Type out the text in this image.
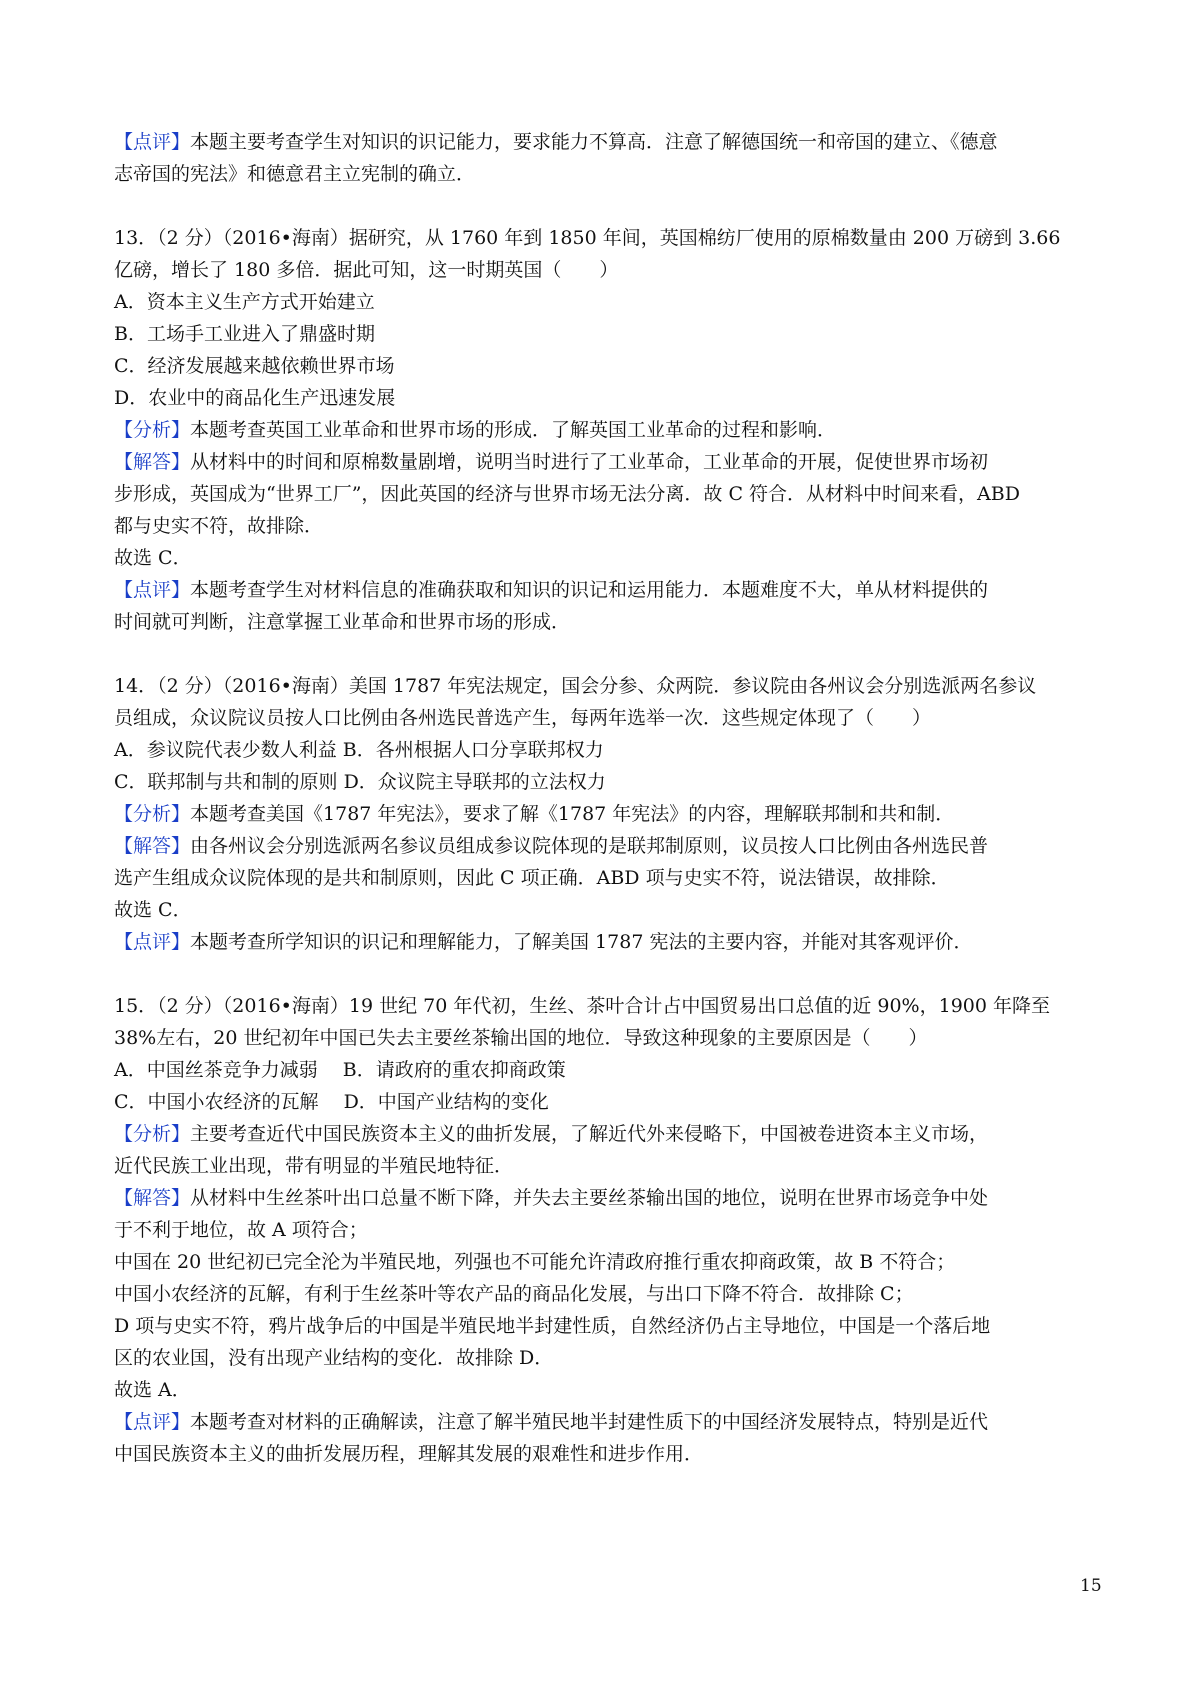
【点评】本题主要考查学生对知识的识记能力，要求能力不算高．注意了解德国统一和帝国的建立、《德意
志帝国的宪法》和德意君主立宪制的确立．
13．（2 分）（2016•海南）据研究，从 1760 年到 1850 年间，英国棉纺厂使用的原棉数量由 200 万磅到 3.66
亿磅，增长了 180 多倍．据此可知，这一时期英国（　　）
A．资本主义生产方式开始建立
B．工场手工业进入了鼎盛时期
C．经济发展越来越依赖世界市场
D．农业中的商品化生产迅速发展
【分析】本题考查英国工业革命和世界市场的形成．了解英国工业革命的过程和影响．
【解答】从材料中的时间和原棉数量剧增，说明当时进行了工业革命，工业革命的开展，促使世界市场初
步形成，英国成为“世界工厂”，因此英国的经济与世界市场无法分离．故 C 符合．从材料中时间来看，ABD
都与史实不符，故排除．
故选 C．
【点评】本题考查学生对材料信息的准确获取和知识的识记和运用能力．本题难度不大，单从材料提供的
时间就可判断，注意掌握工业革命和世界市场的形成．
14．（2 分）（2016•海南）美国 1787 年宪法规定，国会分参、众两院．参议院由各州议会分别选派两名参议
员组成，众议院议员按人口比例由各州选民普选产生，每两年选举一次．这些规定体现了（　　）
A．参议院代表少数人利益 B．各州根据人口分享联邦权力
C．联邦制与共和制的原则 D．众议院主导联邦的立法权力
【分析】本题考查美国《1787 年宪法》，要求了解《1787 年宪法》的内容，理解联邦制和共和制．
【解答】由各州议会分别选派两名参议员组成参议院体现的是联邦制原则，议员按人口比例由各州选民普
选产生组成众议院体现的是共和制原则，因此 C 项正确．ABD 项与史实不符，说法错误，故排除．
故选 C．
【点评】本题考查所学知识的识记和理解能力，了解美国 1787 宪法的主要内容，并能对其客观评价．
15．（2 分）（2016•海南）19 世纪 70 年代初，生丝、茶叶合计占中国贸易出口总值的近 90%，1900 年降至
38%左右，20 世纪初年中国已失去主要丝茶输出国的地位．导致这种现象的主要原因是（　　）
A．中国丝茶竞争力减弱　 B．请政府的重农抑商政策
C．中国小农经济的瓦解　 D．中国产业结构的变化
【分析】主要考查近代中国民族资本主义的曲折发展，了解近代外来侵略下，中国被卷进资本主义市场，
近代民族工业出现，带有明显的半殖民地特征．
【解答】从材料中生丝茶叶出口总量不断下降，并失去主要丝茶输出国的地位，说明在世界市场竞争中处
于不利于地位，故 A 项符合；
中国在 20 世纪初已完全沦为半殖民地，列强也不可能允许清政府推行重农抑商政策，故 B 不符合；
中国小农经济的瓦解，有利于生丝茶叶等农产品的商品化发展，与出口下降不符合．故排除 C；
D 项与史实不符，鸦片战争后的中国是半殖民地半封建性质，自然经济仍占主导地位，中国是一个落后地
区的农业国，没有出现产业结构的变化．故排除 D．
故选 A．
【点评】本题考查对材料的正确解读，注意了解半殖民地半封建性质下的中国经济发展特点，特别是近代
中国民族资本主义的曲折发展历程，理解其发展的艰难性和进步作用．
15
